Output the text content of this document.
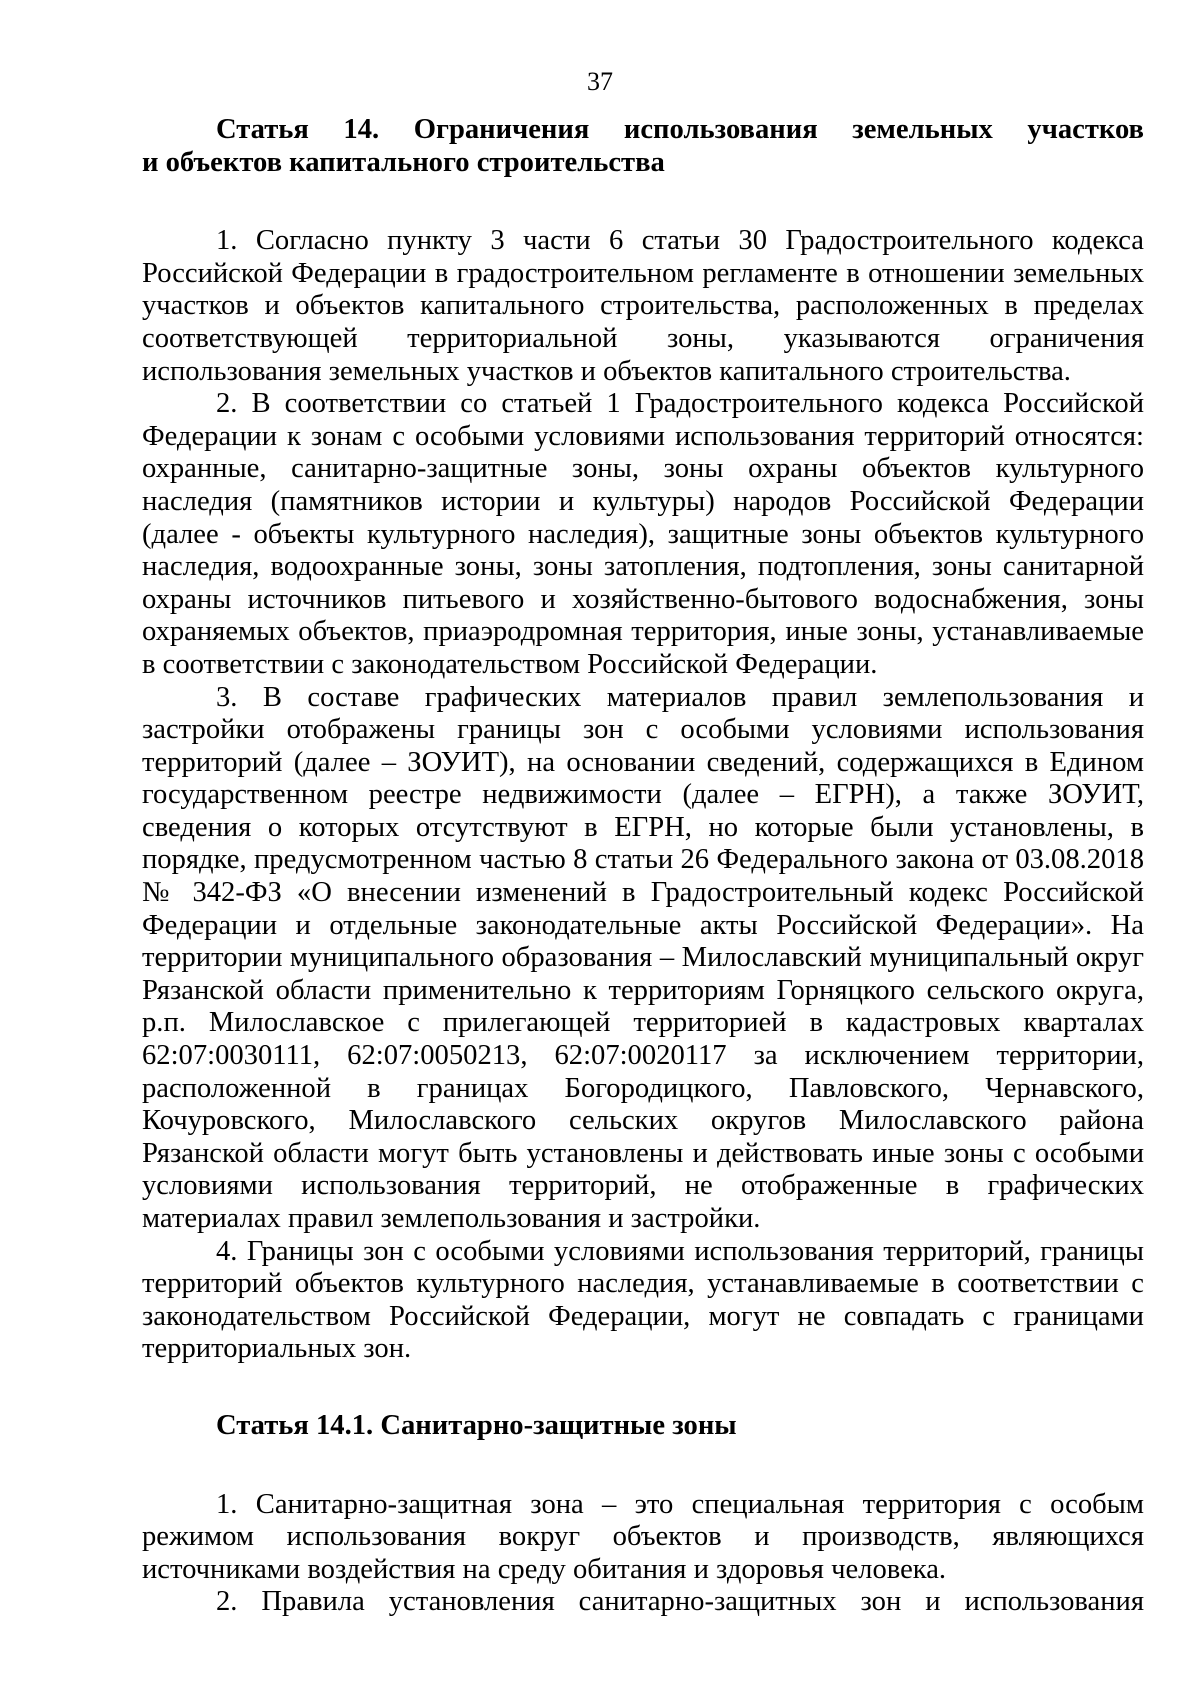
37
Статья 14. Ограничения использования земельных участков
и объектов капитального строительства

1. Согласно пункту 3 части 6 статьи 30 Градостроительного кодекса Российской Федерации в градостроительном регламенте в отношении земельных участков и объектов капитального строительства, расположенных в пределах соответствующей территориальной зоны, указываются ограничения использования земельных участков и объектов капитального строительства.

2. В соответствии со статьей 1 Градостроительного кодекса Российской Федерации к зонам с особыми условиями использования территорий относятся: охранные, санитарно-защитные зоны, зоны охраны объектов культурного наследия (памятников истории и культуры) народов Российской Федерации (далее - объекты культурного наследия), защитные зоны объектов культурного наследия, водоохранные зоны, зоны затопления, подтопления, зоны санитарной охраны источников питьевого и хозяйственно-бытового водоснабжения, зоны охраняемых объектов, приаэродромная территория, иные зоны, устанавливаемые в соответствии с законодательством Российской Федерации.

3. В составе графических материалов правил землепользования и застройки отображены границы зон с особыми условиями использования территорий (далее – ЗОУИТ), на основании сведений, содержащихся в Едином государственном реестре недвижимости (далее – ЕГРН), а также ЗОУИТ, сведения о которых отсутствуют в ЕГРН, но которые были установлены, в порядке, предусмотренном частью 8 статьи 26 Федерального закона от 03.08.2018 № 342-ФЗ «О внесении изменений в Градостроительный кодекс Российской Федерации и отдельные законодательные акты Российской Федерации». На территории муниципального образования – Милославский муниципальный округ Рязанской области применительно к территориям Горняцкого сельского округа, р.п. Милославское с прилегающей территорией в кадастровых кварталах 62:07:0030111, 62:07:0050213, 62:07:0020117 за исключением территории, расположенной в границах Богородицкого, Павловского, Чернавского, Кочуровского, Милославского сельских округов Милославского района Рязанской области могут быть установлены и действовать иные зоны с особыми условиями использования территорий, не отображенные в графических материалах правил землепользования и застройки.

4. Границы зон с особыми условиями использования территорий, границы территорий объектов культурного наследия, устанавливаемые в соответствии с законодательством Российской Федерации, могут не совпадать с границами территориальных зон.

Статья 14.1. Санитарно-защитные зоны

1. Санитарно-защитная зона – это специальная территория с особым режимом использования вокруг объектов и производств, являющихся источниками воздействия на среду обитания и здоровья человека.

2. Правила установления санитарно-защитных зон и использования
